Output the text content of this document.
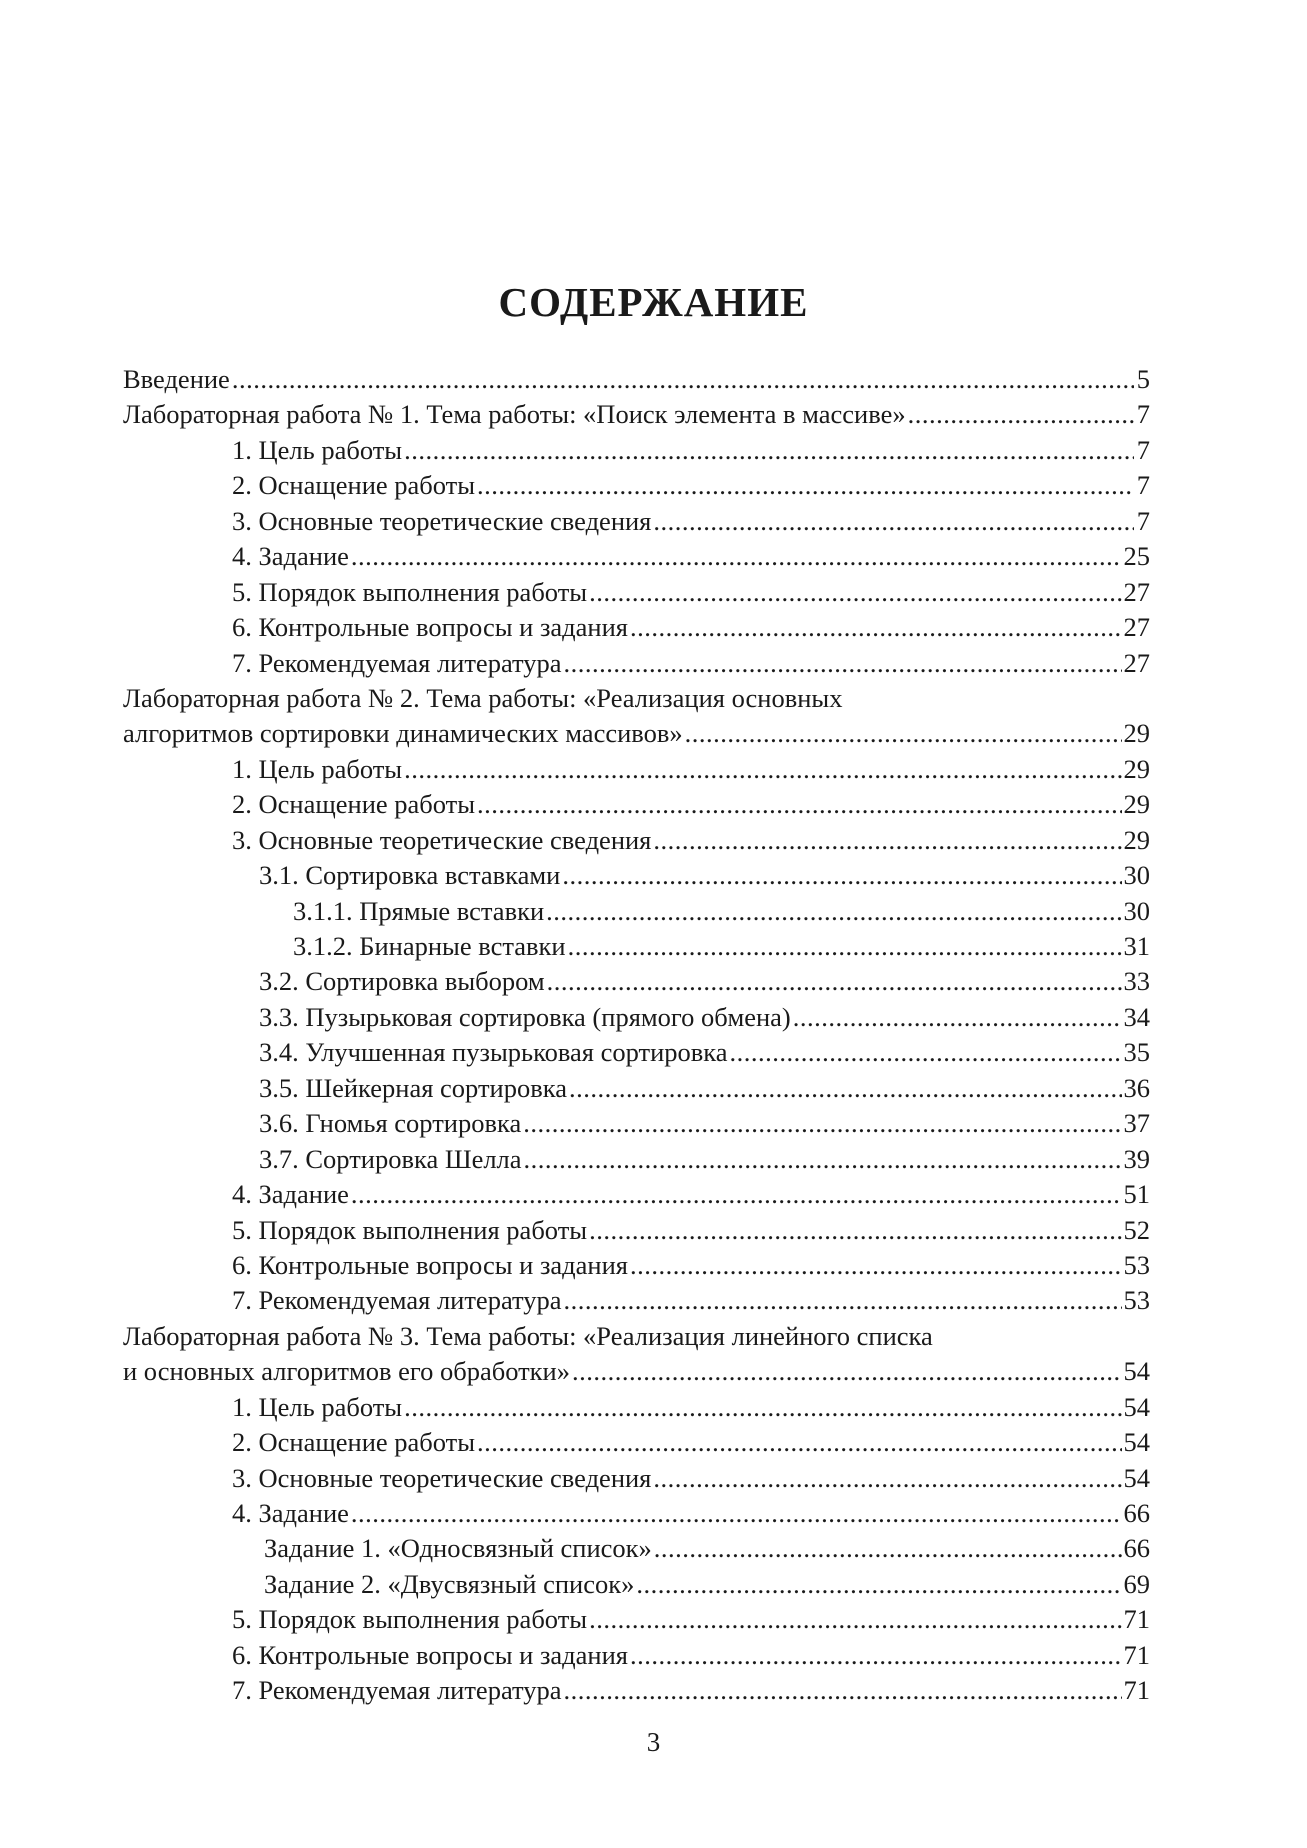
СОДЕРЖАНИЕ
Введение .....	5
Лабораторная работа № 1. Тема работы: «Поиск элемента в массиве» .....	7
1. Цель работы .....	7
2. Оснащение работы .....	7
3. Основные теоретические сведения .....	7
4. Задание .....	25
5. Порядок выполнения работы .....	27
6. Контрольные вопросы и задания .....	27
7. Рекомендуемая литература .....	27
Лабораторная работа № 2. Тема работы: «Реализация основных
алгоритмов сортировки динамических массивов» .....	29
1. Цель работы .....	29
2. Оснащение работы .....	29
3. Основные теоретические сведения .....	29
3.1. Сортировка вставками .....	30
3.1.1. Прямые вставки .....	30
3.1.2. Бинарные вставки .....	31
3.2. Сортировка выбором .....	33
3.3. Пузырьковая сортировка (прямого обмена) .....	34
3.4. Улучшенная пузырьковая сортировка .....	35
3.5. Шейкерная сортировка .....	36
3.6. Гномья сортировка .....	37
3.7. Сортировка Шелла .....	39
4. Задание .....	51
5. Порядок выполнения работы .....	52
6. Контрольные вопросы и задания .....	53
7. Рекомендуемая литература .....	53
Лабораторная работа № 3. Тема работы: «Реализация линейного списка
и основных алгоритмов его обработки» .....	54
1. Цель работы .....	54
2. Оснащение работы .....	54
3. Основные теоретические сведения .....	54
4. Задание .....	66
Задание 1. «Односвязный список» .....	66
Задание 2. «Двусвязный список» .....	69
5. Порядок выполнения работы .....	71
6. Контрольные вопросы и задания .....	71
7. Рекомендуемая литература .....	71
3
